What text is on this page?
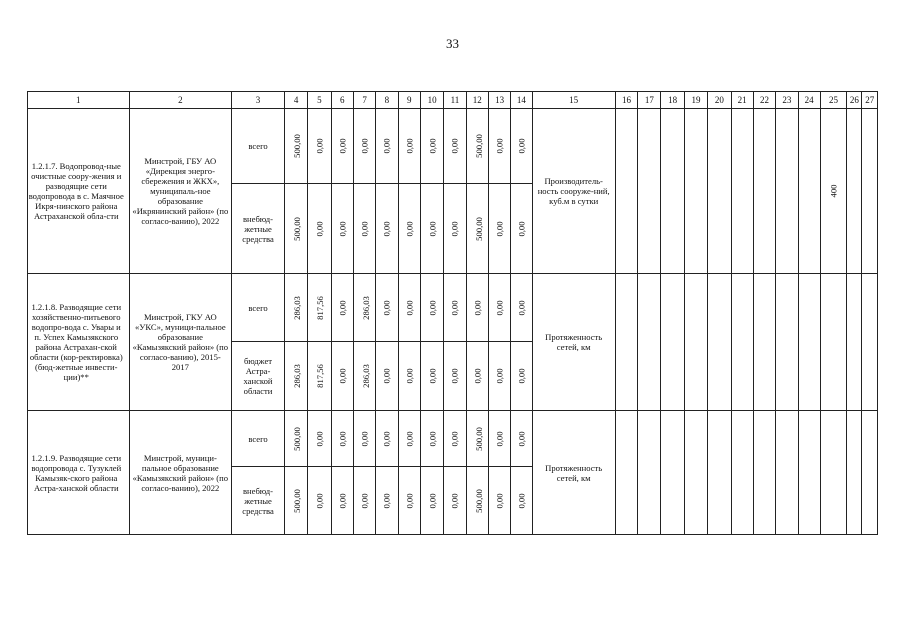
33
1	2	3	4	5	6	7	8	9	10	11	12	13	14	15	16	17	18	19	20	21	22	23	24	25	26	27
1.2.1.7. Водопровод-ные очистные соору-жения и разводящие сети водопровода в с. Маячное Икря-нинского района Астраханской обла-сти	Минстрой, ГБУ АО «Дирекция энерго-сбережения и ЖКХ», муниципаль-ное образование «Икрянинский район» (по согласо-ванию), 2022	всего	500,00	0,00	0,00	0,00	0,00	0,00	0,00	0,00	500,00	0,00	0,00	Производитель-ность сооруже-ний, куб.м в сутки										400		
		внебюд-жетные средства	500,00	0,00	0,00	0,00	0,00	0,00	0,00	0,00	500,00	0,00	0,00													
1.2.1.8. Разводящие сети хозяйственно-питьевого водопро-вода с. Увары и п. Успех Камызякского района Астрахан-ской области (кор-ректировка) (бюд-жетные инвести-ции)**	Минстрой, ГКУ АО «УКС», муници-пальное образование «Камызякский район» (по согласо-ванию), 2015-2017	всего	286,03	817,56	0,00	286,03	0,00	0,00	0,00	0,00	0,00	0,00	0,00	Протяженность сетей, км												
		бюджет Астра-ханской области	286,03	817,56	0,00	286,03	0,00	0,00	0,00	0,00	0,00	0,00	0,00													
1.2.1.9. Разводящие сети водопровода с. Тузуклей Камызяк-ского района Астра-ханской области	Минстрой, муници-пальное образование «Камызякский район» (по согласо-ванию), 2022	всего	500,00	0,00	0,00	0,00	0,00	0,00	0,00	0,00	500,00	0,00	0,00	Протяженность сетей, км												
		внебюд-жетные средства	500,00	0,00	0,00	0,00	0,00	0,00	0,00	0,00	500,00	0,00	0,00													
